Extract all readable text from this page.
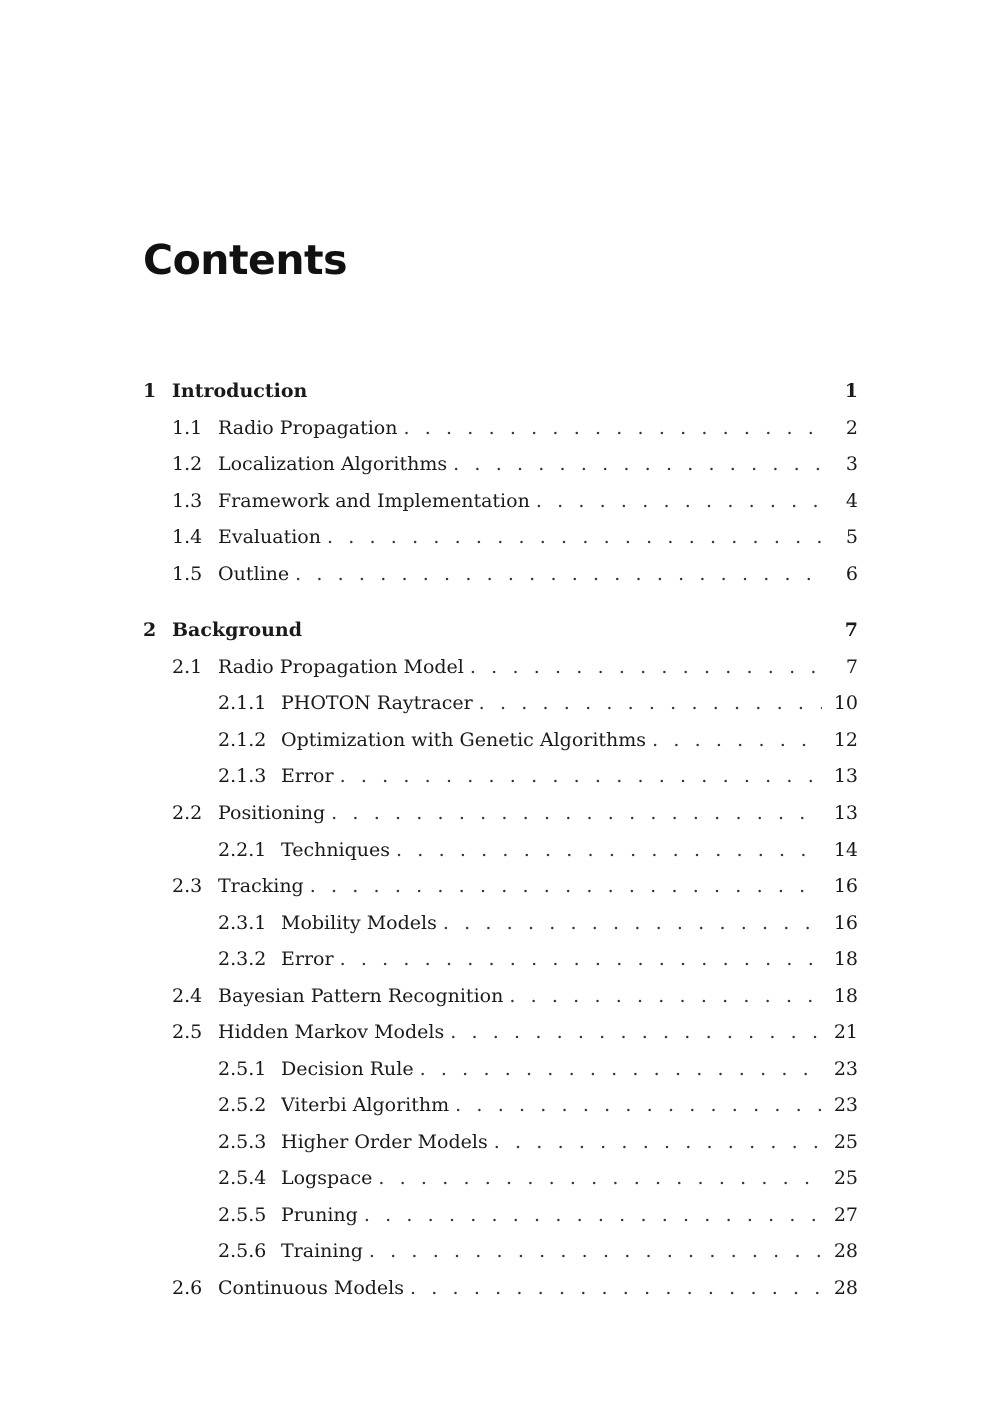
Contents
1 Introduction	1
1.1 Radio Propagation . . .	2
1.2 Localization Algorithms . . .	3
1.3 Framework and Implementation . . .	4
1.4 Evaluation . . .	5
1.5 Outline . . .	6
2 Background	7
2.1 Radio Propagation Model . . .	7
2.1.1 PHOTON Raytracer . . .	10
2.1.2 Optimization with Genetic Algorithms . . .	12
2.1.3 Error . . .	13
2.2 Positioning . . .	13
2.2.1 Techniques . . .	14
2.3 Tracking . . .	16
2.3.1 Mobility Models . . .	16
2.3.2 Error . . .	18
2.4 Bayesian Pattern Recognition . . .	18
2.5 Hidden Markov Models . . .	21
2.5.1 Decision Rule . . .	23
2.5.2 Viterbi Algorithm . . .	23
2.5.3 Higher Order Models . . .	25
2.5.4 Logspace . . .	25
2.5.5 Pruning . . .	27
2.5.6 Training . . .	28
2.6 Continuous Models . . .	28
